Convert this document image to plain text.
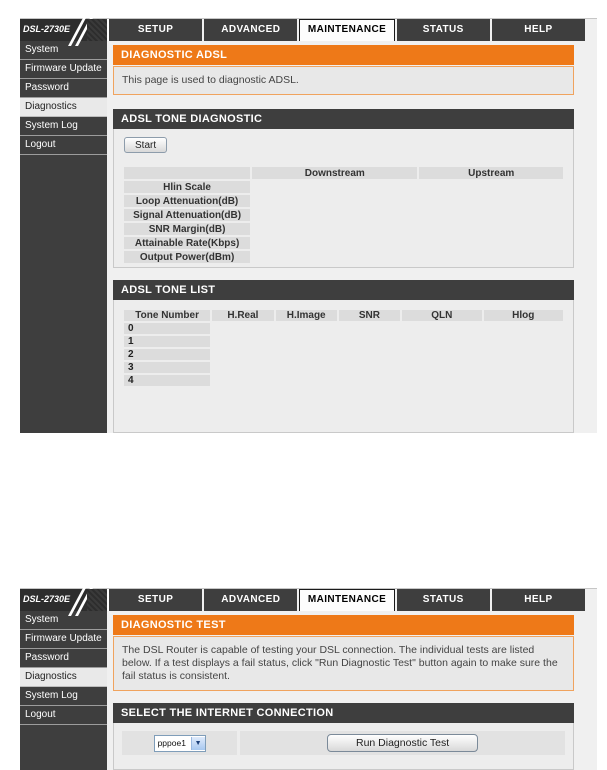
DSL-2730E	SETUP	ADVANCED	MAINTENANCE	STATUS	HELP
System
Firmware Update
Password
Diagnostics
System Log
Logout
DIAGNOSTIC ADSL
This page is used to diagnostic ADSL.
ADSL TONE DIAGNOSTIC
Start
	Downstream	Upstream
Hlin Scale		
Loop Attenuation(dB)		
Signal Attenuation(dB)		
SNR Margin(dB)		
Attainable Rate(Kbps)		
Output Power(dBm)		
ADSL TONE LIST
Tone Number	H.Real	H.Image	SNR	QLN	Hlog
0					
1					
2					
3					
4					
DSL-2730E	SETUP	ADVANCED	MAINTENANCE	STATUS	HELP
System
Firmware Update
Password
Diagnostics
System Log
Logout
DIAGNOSTIC TEST
The DSL Router is capable of testing your DSL connection. The individual tests are listed below. If a test displays a fail status, click "Run Diagnostic Test" button again to make sure the fail status is consistent.
SELECT THE INTERNET CONNECTION
pppoe1	▼	Run Diagnostic Test
